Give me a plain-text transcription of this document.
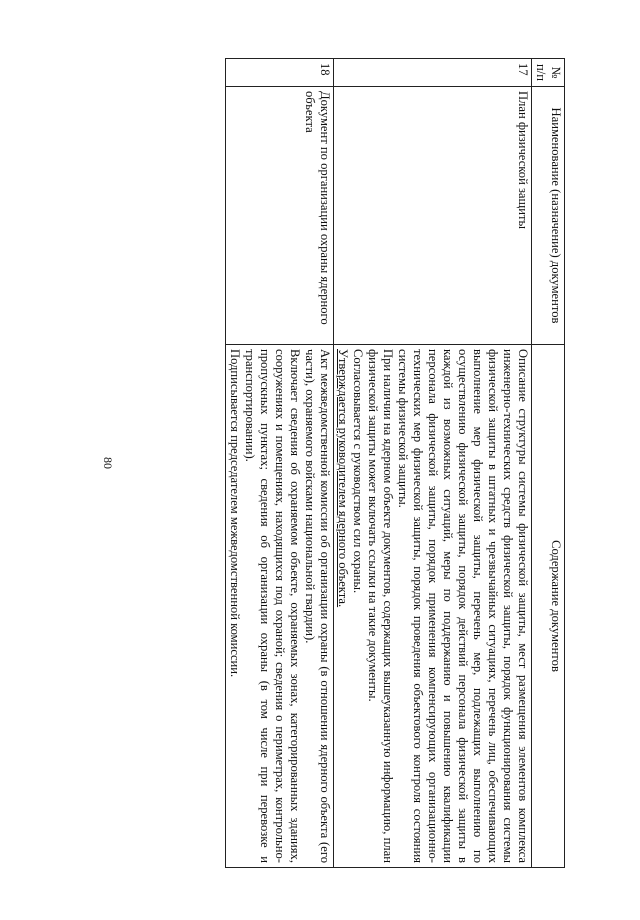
№ п/п	Наименование (назначение) документов	Содержание документов
17	План физической защиты	Описание структуры системы физической защиты, мест размещения элементов комплекса инженерно-технических средств физической защиты, порядок функционирования системы физической защиты в штатных и чрезвычайных ситуациях, перечень лиц, обеспечивающих выполнение мер физической защиты, перечень мер, подлежащих выполнению по осуществлению физической защиты, порядок действий персонала физической защиты в каждой из возможных ситуаций, меры по поддержанию и повышению квалификации персонала физической защиты, порядок применения компенсирующих организационно-технических мер физической защиты, порядок проведения объектового контроля состояния системы физической защиты.

При наличии на ядерном объекте документов, содержащих вышеуказанную информацию, план физической защиты может включать ссылки на такие документы.

Согласовывается с руководством сил охраны.

Утверждается руководителем ядерного объекта.

18	Документ по организации охраны ядерного объекта	Акт межведомственной комиссии об организации охраны (в отношении ядерного объекта (его части), охраняемого войсками национальной гвардии).

Включает сведения об охраняемом объекте, охраняемых зонах, категорированных зданиях, сооружениях и помещениях, находящихся под охраной; сведения о периметрах, контрольно-пропускных пунктах; сведения об организации охраны (в том числе при перевозке и транспортировании).

Подписывается председателем межведомственной комиссии.

80
